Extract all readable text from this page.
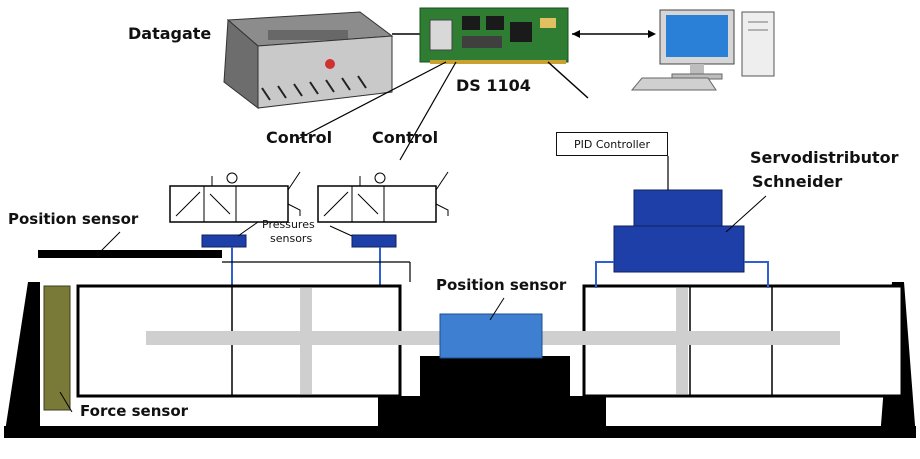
Datagate
DS 1104
Control Control	PID Controller
Servodistributor
Schneider
Position sensor	Pressures
sensors
Position sensor
Force sensor
